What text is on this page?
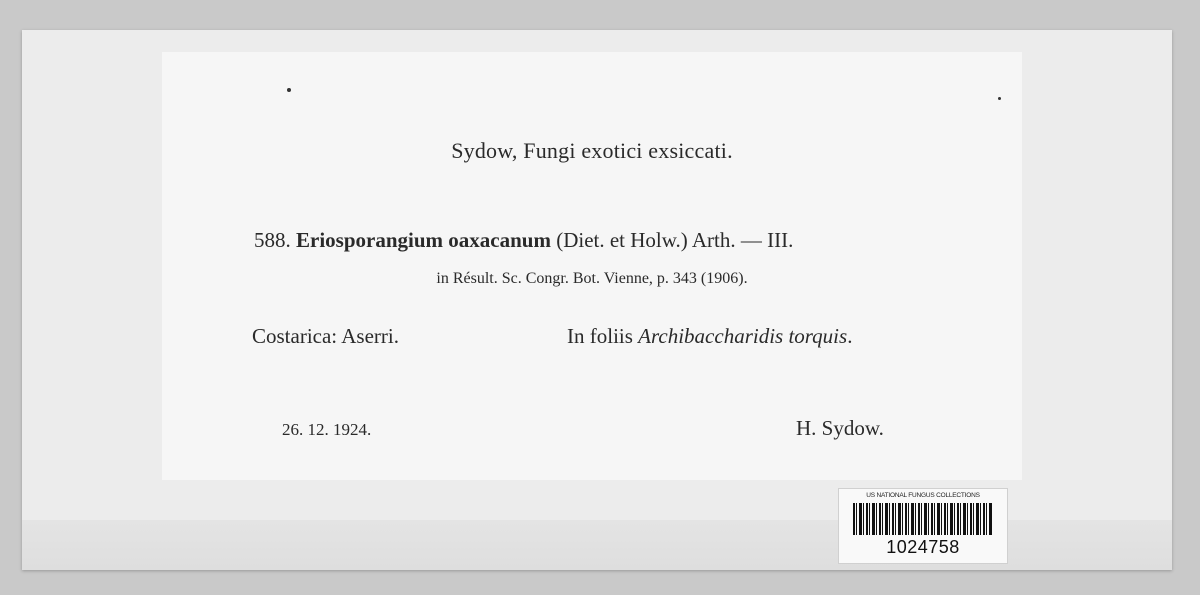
Sydow, Fungi exotici exsiccati.
588. Eriosporangium oaxacanum (Diet. et Holw.) Arth. — III.
in Résult. Sc. Congr. Bot. Vienne, p. 343 (1906).
Costarica: Aserri.	In foliis Archibaccharidis torquis.
26. 12. 1924.	H. Sydow.
US NATIONAL FUNGUS COLLECTIONS
1024758
